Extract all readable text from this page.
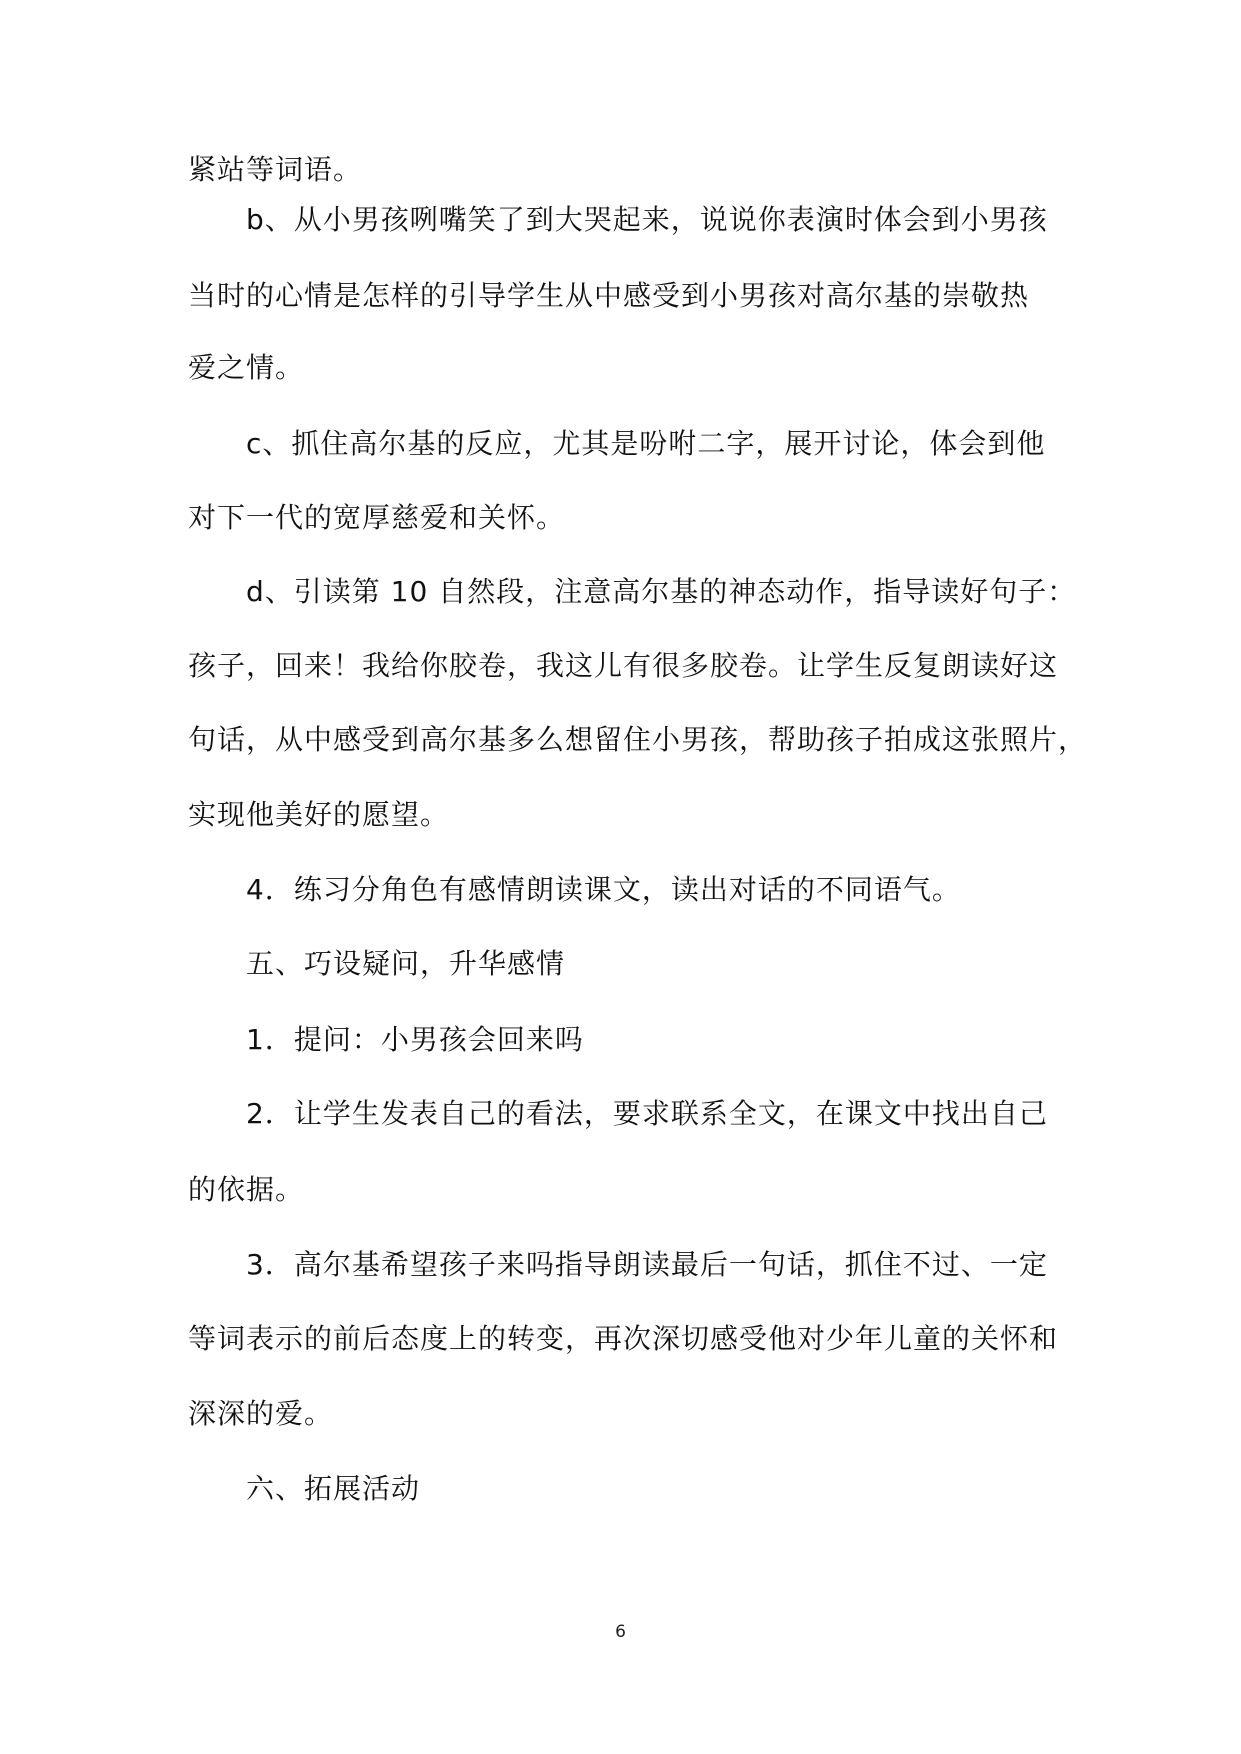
紧站等词语。
b、从小男孩咧嘴笑了到大哭起来，说说你表演时体会到小男孩
当时的心情是怎样的引导学生从中感受到小男孩对高尔基的崇敬热
爱之情。
c、抓住高尔基的反应，尤其是吩咐二字，展开讨论，体会到他
对下一代的宽厚慈爱和关怀。
d、引读第 10 自然段，注意高尔基的神态动作，指导读好句子：
孩子，回来！我给你胶卷，我这儿有很多胶卷。让学生反复朗读好这
句话，从中感受到高尔基多么想留住小男孩，帮助孩子拍成这张照片，
实现他美好的愿望。
4．练习分角色有感情朗读课文，读出对话的不同语气。
五、巧设疑问，升华感情
1．提问：小男孩会回来吗
2．让学生发表自己的看法，要求联系全文，在课文中找出自己
的依据。
3．高尔基希望孩子来吗指导朗读最后一句话，抓住不过、一定
等词表示的前后态度上的转变，再次深切感受他对少年儿童的关怀和
深深的爱。
六、拓展活动
6
